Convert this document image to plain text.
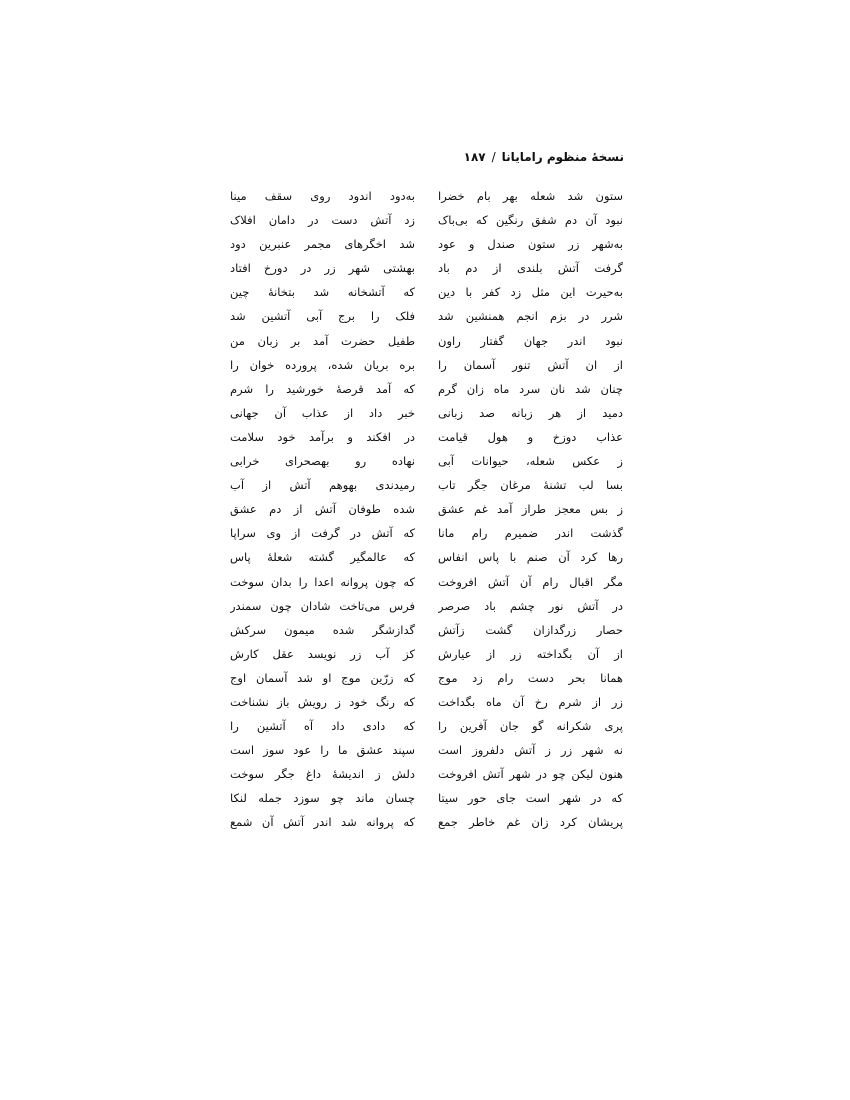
نسخهٔ منظوم رامایانا/۱۸۷
ستون شد شعله بهر بام خضرا
نبود آن دم شفق رنگین که بی‌باک
به‌شهر زر ستون صندل و عود
گرفت آتش بلندی از دم باد
به‌حیرت این مثل زد کفر با دین
شرر در بزم انجم همنشین شد
نبود اندر جهان گفتار راون
از ان آتش تنور آسمان را
چنان شد نان سرد ماه زان گرم
دمید از هر زبانه صد زبانی
عذاب دوزخ و هول قیامت
ز عکس شعله، حیوانات آبی
بسا لب تشنهٔ مرغان جگر تاب
ز بس معجز طراز آمد غم عشق
گذشت اندر ضمیرم رام مانا
رها کرد آن صنم با پاس انفاس
مگر اقبال رام آن آتش افروخت
در آتش نور چشم باد صرصر
حصار زرگدازان گشت زآتش
از آن بگداخته زر از عیارش
همانا بحر دست رام زد موج
زر از شرم رخ آن ماه بگداخت
پری شکرانه گو جان آفرین را
نه شهر زر ز آتش دلفروز است
هنون لیکن چو در شهر آتش افروخت
که در شهر است جای حور سیتا
پریشان کرد زان غم خاطر جمع
به‌دود اندود روی سقف مینا
زد آتش دست در دامان افلاک
شد اخگرهای مجمر عنبرین دود
بهشتی شهر زر در دورخ افتاد
که آتشخانه شد بتخانهٔ چین
فلک را برج آبی آتشین شد
طفیل حضرت آمد بر زبان من
بره بریان شده، پرورده خوان را
که آمد قرصهٔ خورشید را شرم
خبر داد از عذاب آن جهانی
در افکند و برآمد خود سلامت
نهاده رو بهصحرای خرابی
رمیدندی بهوهم آتش از آب
شده طوفان آتش از دم عشق
که آتش در گرفت از وی سراپا
که عالمگیر گشته شعلهٔ پاس
که چون پروانه اعدا را بدان سوخت
فرس می‌تاخت شادان چون سمندر
گدازشگر شده میمون سرکش
کز آب زر نویسد عقل کارش
که زرّین موج او شد آسمان اوج
که رنگ خود ز رویش باز نشناخت
که دادی داد آه آتشین را
سپند عشق ما را عود سوز است
دلش ز اندیشهٔ داغ جگر سوخت
چسان ماند چو سوزد جمله لنکا
که پروانه شد اندر آتش آن شمع
